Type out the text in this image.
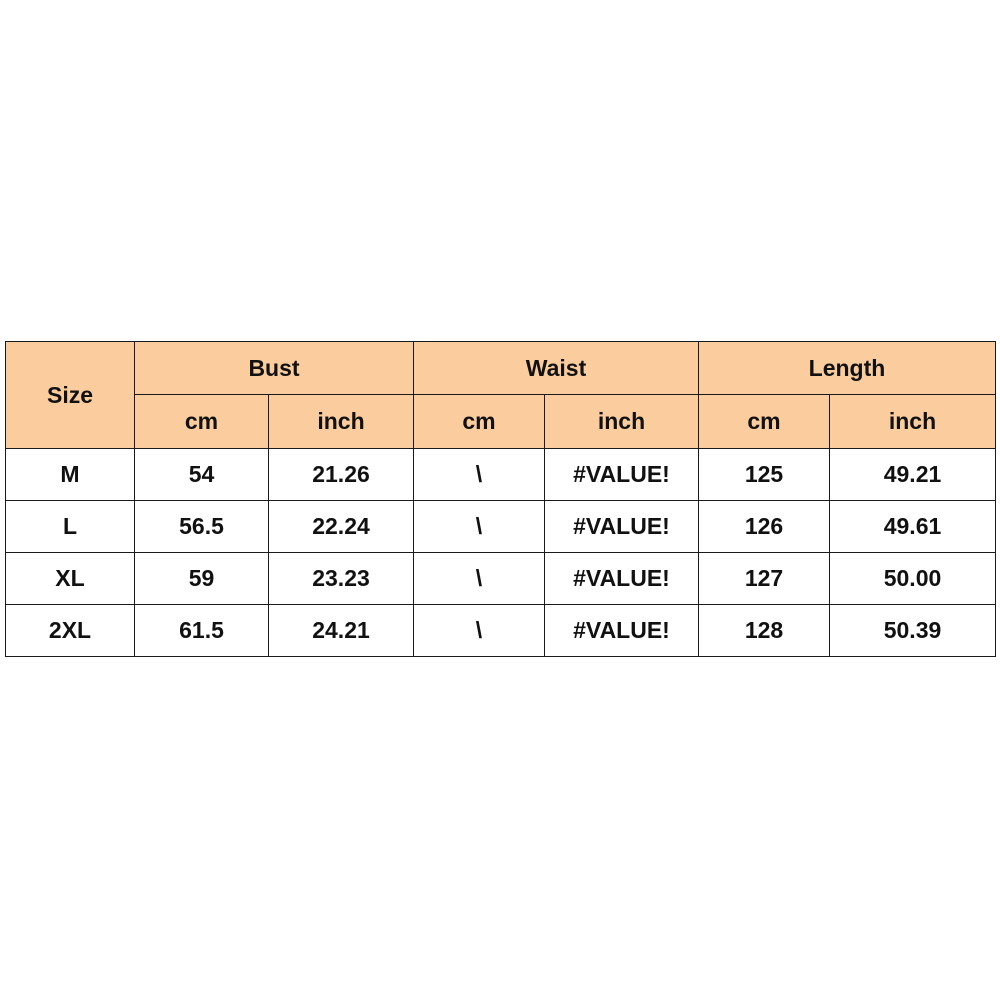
Size	Bust		Waist		Length	
	cm	inch	cm	inch	cm	inch
M	54	21.26	\	#VALUE!	125	49.21
L	56.5	22.24	\	#VALUE!	126	49.61
XL	59	23.23	\	#VALUE!	127	50.00
2XL	61.5	24.21	\	#VALUE!	128	50.39
